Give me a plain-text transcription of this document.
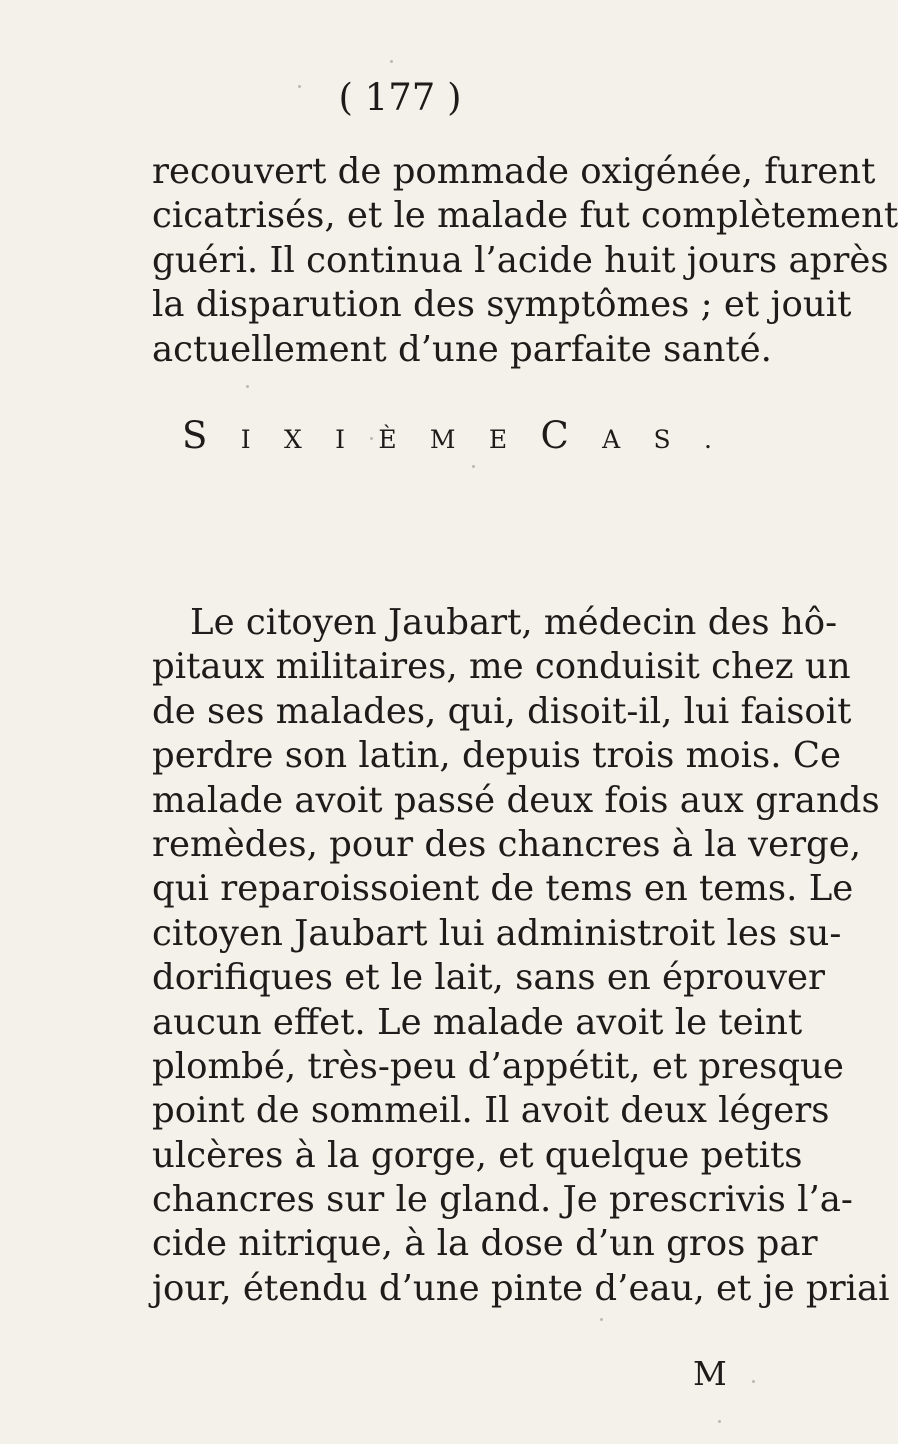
( 177 )
recouvert de pommade oxigénée, furent
cicatrisés, et le malade fut complètement
guéri. Il continua l’acide huit jours après
la disparution des symptômes ; et jouit
actuellement d’une parfaite santé.
S I X I È M E C A S .
Le citoyen Jaubart, médecin des hô-
pitaux militaires, me conduisit chez un
de ses malades, qui, disoit-il, lui faisoit
perdre son latin, depuis trois mois. Ce
malade avoit passé deux fois aux grands
remèdes, pour des chancres à la verge,
qui reparoissoient de tems en tems. Le
citoyen Jaubart lui administroit les su-
dorifiques et le lait, sans en éprouver
aucun effet. Le malade avoit le teint
plombé, très-peu d’appétit, et presque
point de sommeil. Il avoit deux légers
ulcères à la gorge, et quelque petits
chancres sur le gland. Je prescrivis l’a-
cide nitrique, à la dose d’un gros par
jour, étendu d’une pinte d’eau, et je priai
M
